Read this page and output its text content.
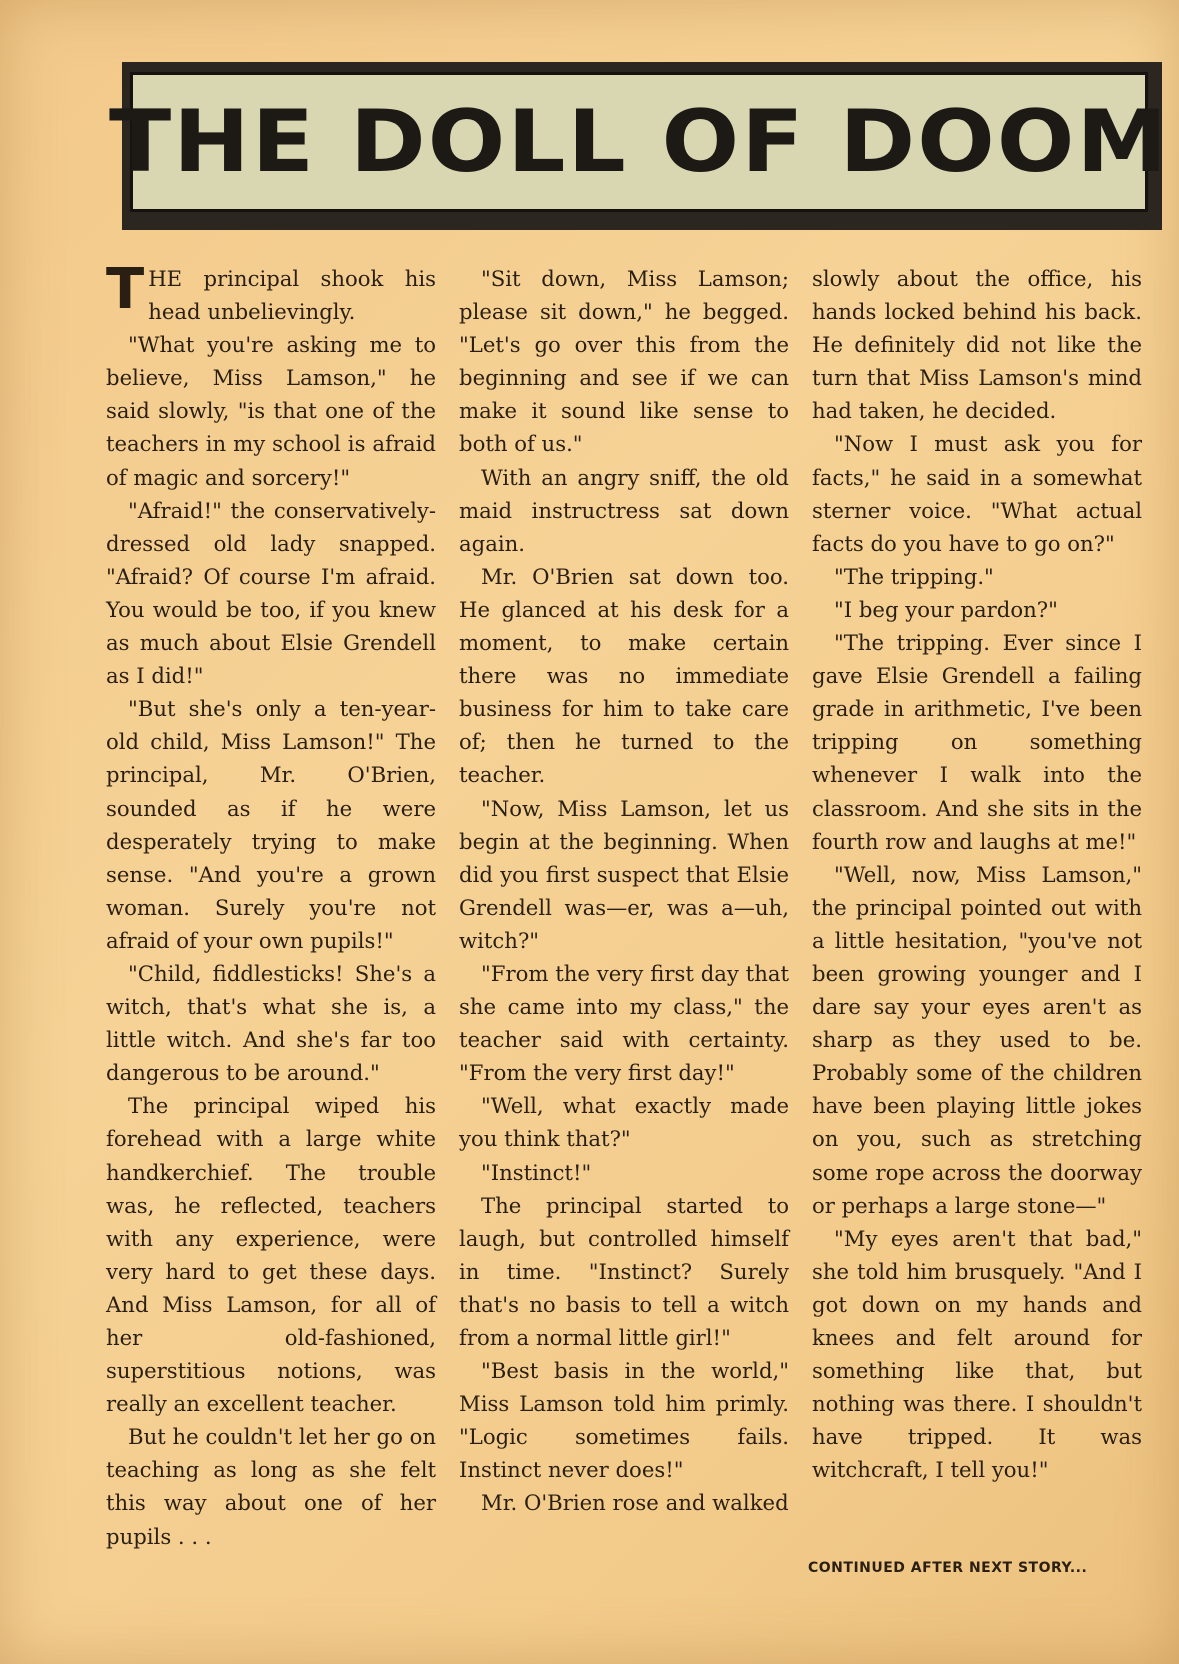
THE DOLL OF DOOM

THE principal shook his head unbelievingly.

"What you're asking me to believe, Miss Lamson," he said slowly, "is that one of the teachers in my school is afraid of magic and sorcery!"

"Afraid!" the conservatively-dressed old lady snapped. "Afraid? Of course I'm afraid. You would be too, if you knew as much about Elsie Grendell as I did!"

"But she's only a ten-year-old child, Miss Lamson!" The principal, Mr. O'Brien, sounded as if he were desperately trying to make sense. "And you're a grown woman. Surely you're not afraid of your own pupils!"

"Child, fiddlesticks! She's a witch, that's what she is, a little witch. And she's far too dangerous to be around."

The principal wiped his forehead with a large white handkerchief. The trouble was, he reflected, teachers with any experience, were very hard to get these days. And Miss Lamson, for all of her old-fashioned, superstitious notions, was really an excellent teacher.

But he couldn't let her go on teaching as long as she felt this way about one of her pupils . . .

"Sit down, Miss Lamson; please sit down," he begged. "Let's go over this from the beginning and see if we can make it sound like sense to both of us."

With an angry sniff, the old maid instructress sat down again.

Mr. O'Brien sat down too. He glanced at his desk for a moment, to make certain there was no immediate business for him to take care of; then he turned to the teacher.

"Now, Miss Lamson, let us begin at the beginning. When did you first suspect that Elsie Grendell was—er, was a—uh, witch?"

"From the very first day that she came into my class," the teacher said with certainty. "From the very first day!"

"Well, what exactly made you think that?"

"Instinct!"

The principal started to laugh, but controlled himself in time. "Instinct? Surely that's no basis to tell a witch from a normal little girl!"

"Best basis in the world," Miss Lamson told him primly. "Logic sometimes fails. Instinct never does!"

Mr. O'Brien rose and walked

slowly about the office, his hands locked behind his back. He definitely did not like the turn that Miss Lamson's mind had taken, he decided.

"Now I must ask you for facts," he said in a somewhat sterner voice. "What actual facts do you have to go on?"

"The tripping."

"I beg your pardon?"

"The tripping. Ever since I gave Elsie Grendell a failing grade in arithmetic, I've been tripping on something whenever I walk into the classroom. And she sits in the fourth row and laughs at me!"

"Well, now, Miss Lamson," the principal pointed out with a little hesitation, "you've not been growing younger and I dare say your eyes aren't as sharp as they used to be. Probably some of the children have been playing little jokes on you, such as stretching some rope across the doorway or perhaps a large stone—"

"My eyes aren't that bad," she told him brusquely. "And I got down on my hands and knees and felt around for something like that, but nothing was there. I shouldn't have tripped. It was witchcraft, I tell you!"

CONTINUED AFTER NEXT STORY...
